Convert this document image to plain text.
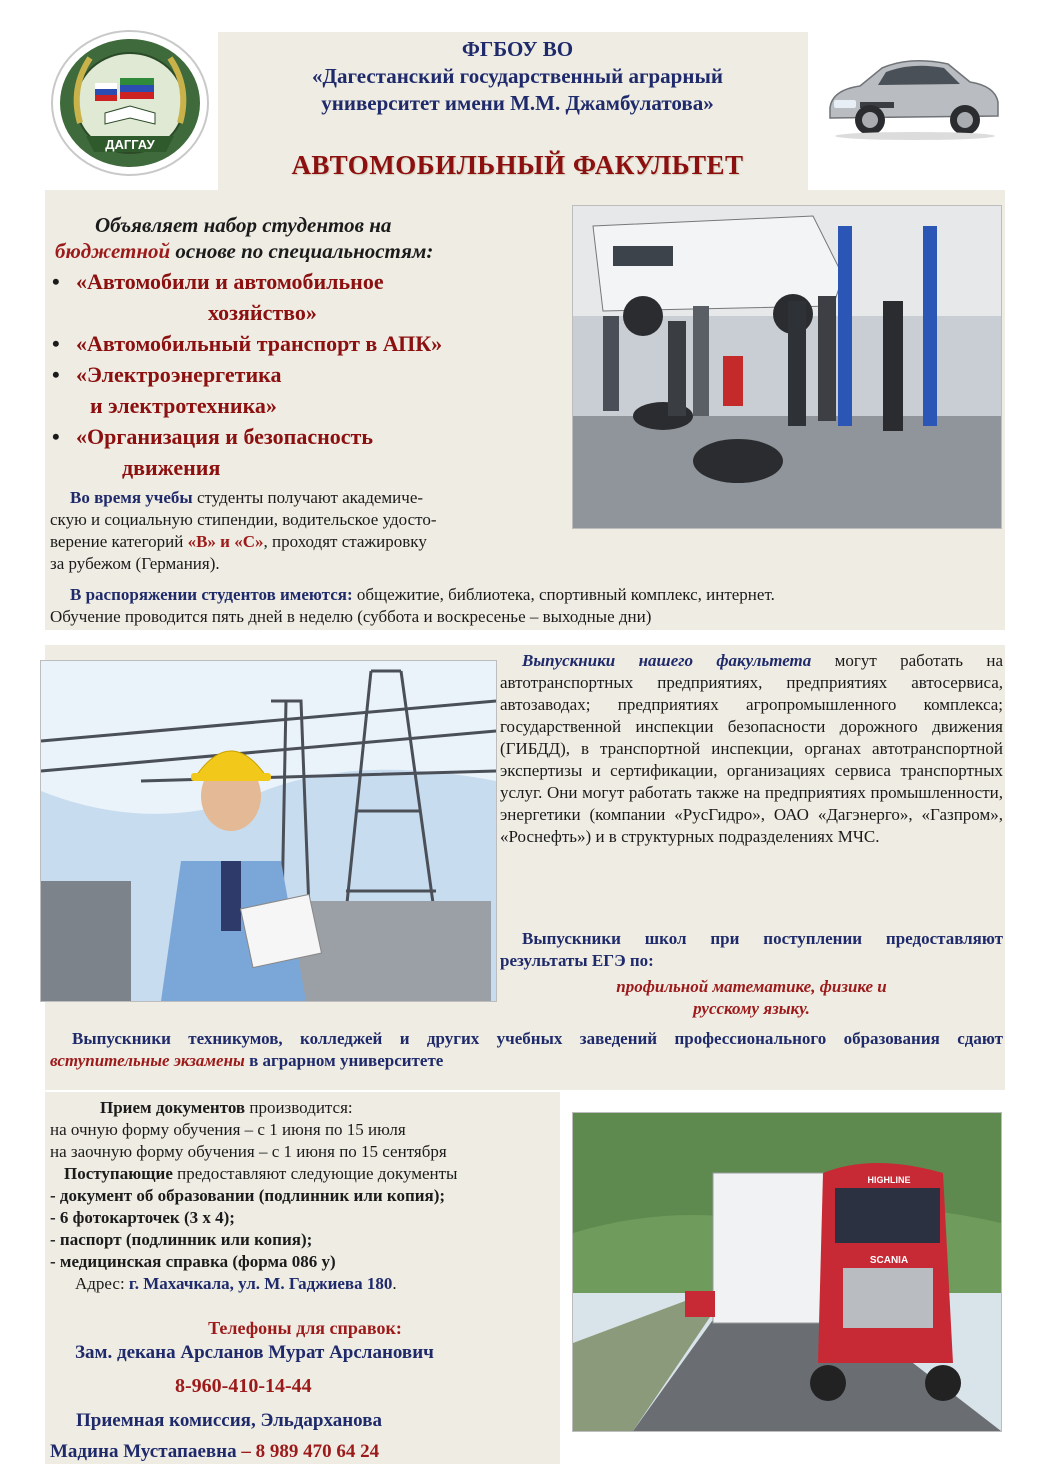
ДАГГАУ
ФГБОУ ВО
«Дагестанский государственный аграрный
университет имени М.М. Джамбулатова»
АВТОМОБИЛЬНЫЙ ФАКУЛЬТЕТ
Объявляет набор студентов на
бюджетной основе по специальностям:
• «Автомобили и автомобильное
хозяйство»
• «Автомобильный транспорт в АПК»
• «Электроэнергетика
и электротехника»
• «Организация и безопасность
движения
Во время учебы студенты получают академиче-
скую и социальную стипендии, водительское удосто-
верение категорий «В» и «С», проходят стажировку
за рубежом (Германия).
В распоряжении студентов имеются: общежитие, библиотека, спортивный комплекс, интернет.
Обучение проводится пять дней в неделю (суббота и воскресенье – выходные дни)
Выпускники нашего факультета могут работать на автотранспортных предприятиях, предприятиях автосервиса, автозаводах; предприятиях агропромышленного комплекса; государственной инспекции безопасности дорожного движения (ГИБДД), в транспортной инспекции, органах автотранспортной экспертизы и сертификации, организациях сервиса транспортных услуг. Они могут работать также на предприятиях промышленности, энергетики (компании «РусГидро», ОАО «Дагэнерго», «Газпром», «Роснефть») и в структурных подразделениях МЧС.
Выпускники школ при поступлении предоставляют результаты ЕГЭ по:
профильной математике, физике и
русскому языку.
Выпускники техникумов, колледжей и других учебных заведений профессионального образования сдают вступительные экзамены в аграрном университете
Прием документов производится:
на очную форму обучения – с 1 июня по 15 июля
на заочную форму обучения – с 1 июня по 15 сентября
Поступающие предоставляют следующие документы
- документ об образовании (подлинник или копия);
- 6 фотокарточек (3 х 4);
- паспорт (подлинник или копия);
- медицинская справка (форма 086 у)
Адрес: г. Махачкала, ул. М. Гаджиева 180.
Телефоны для справок:
Зам. декана Арсланов Мурат Арсланович
8-960-410-14-44
Приемная комиссия, Эльдарханова
Мадина Мустапаевна – 8 989 470 64 24
HIGHLINE
SCANIA
